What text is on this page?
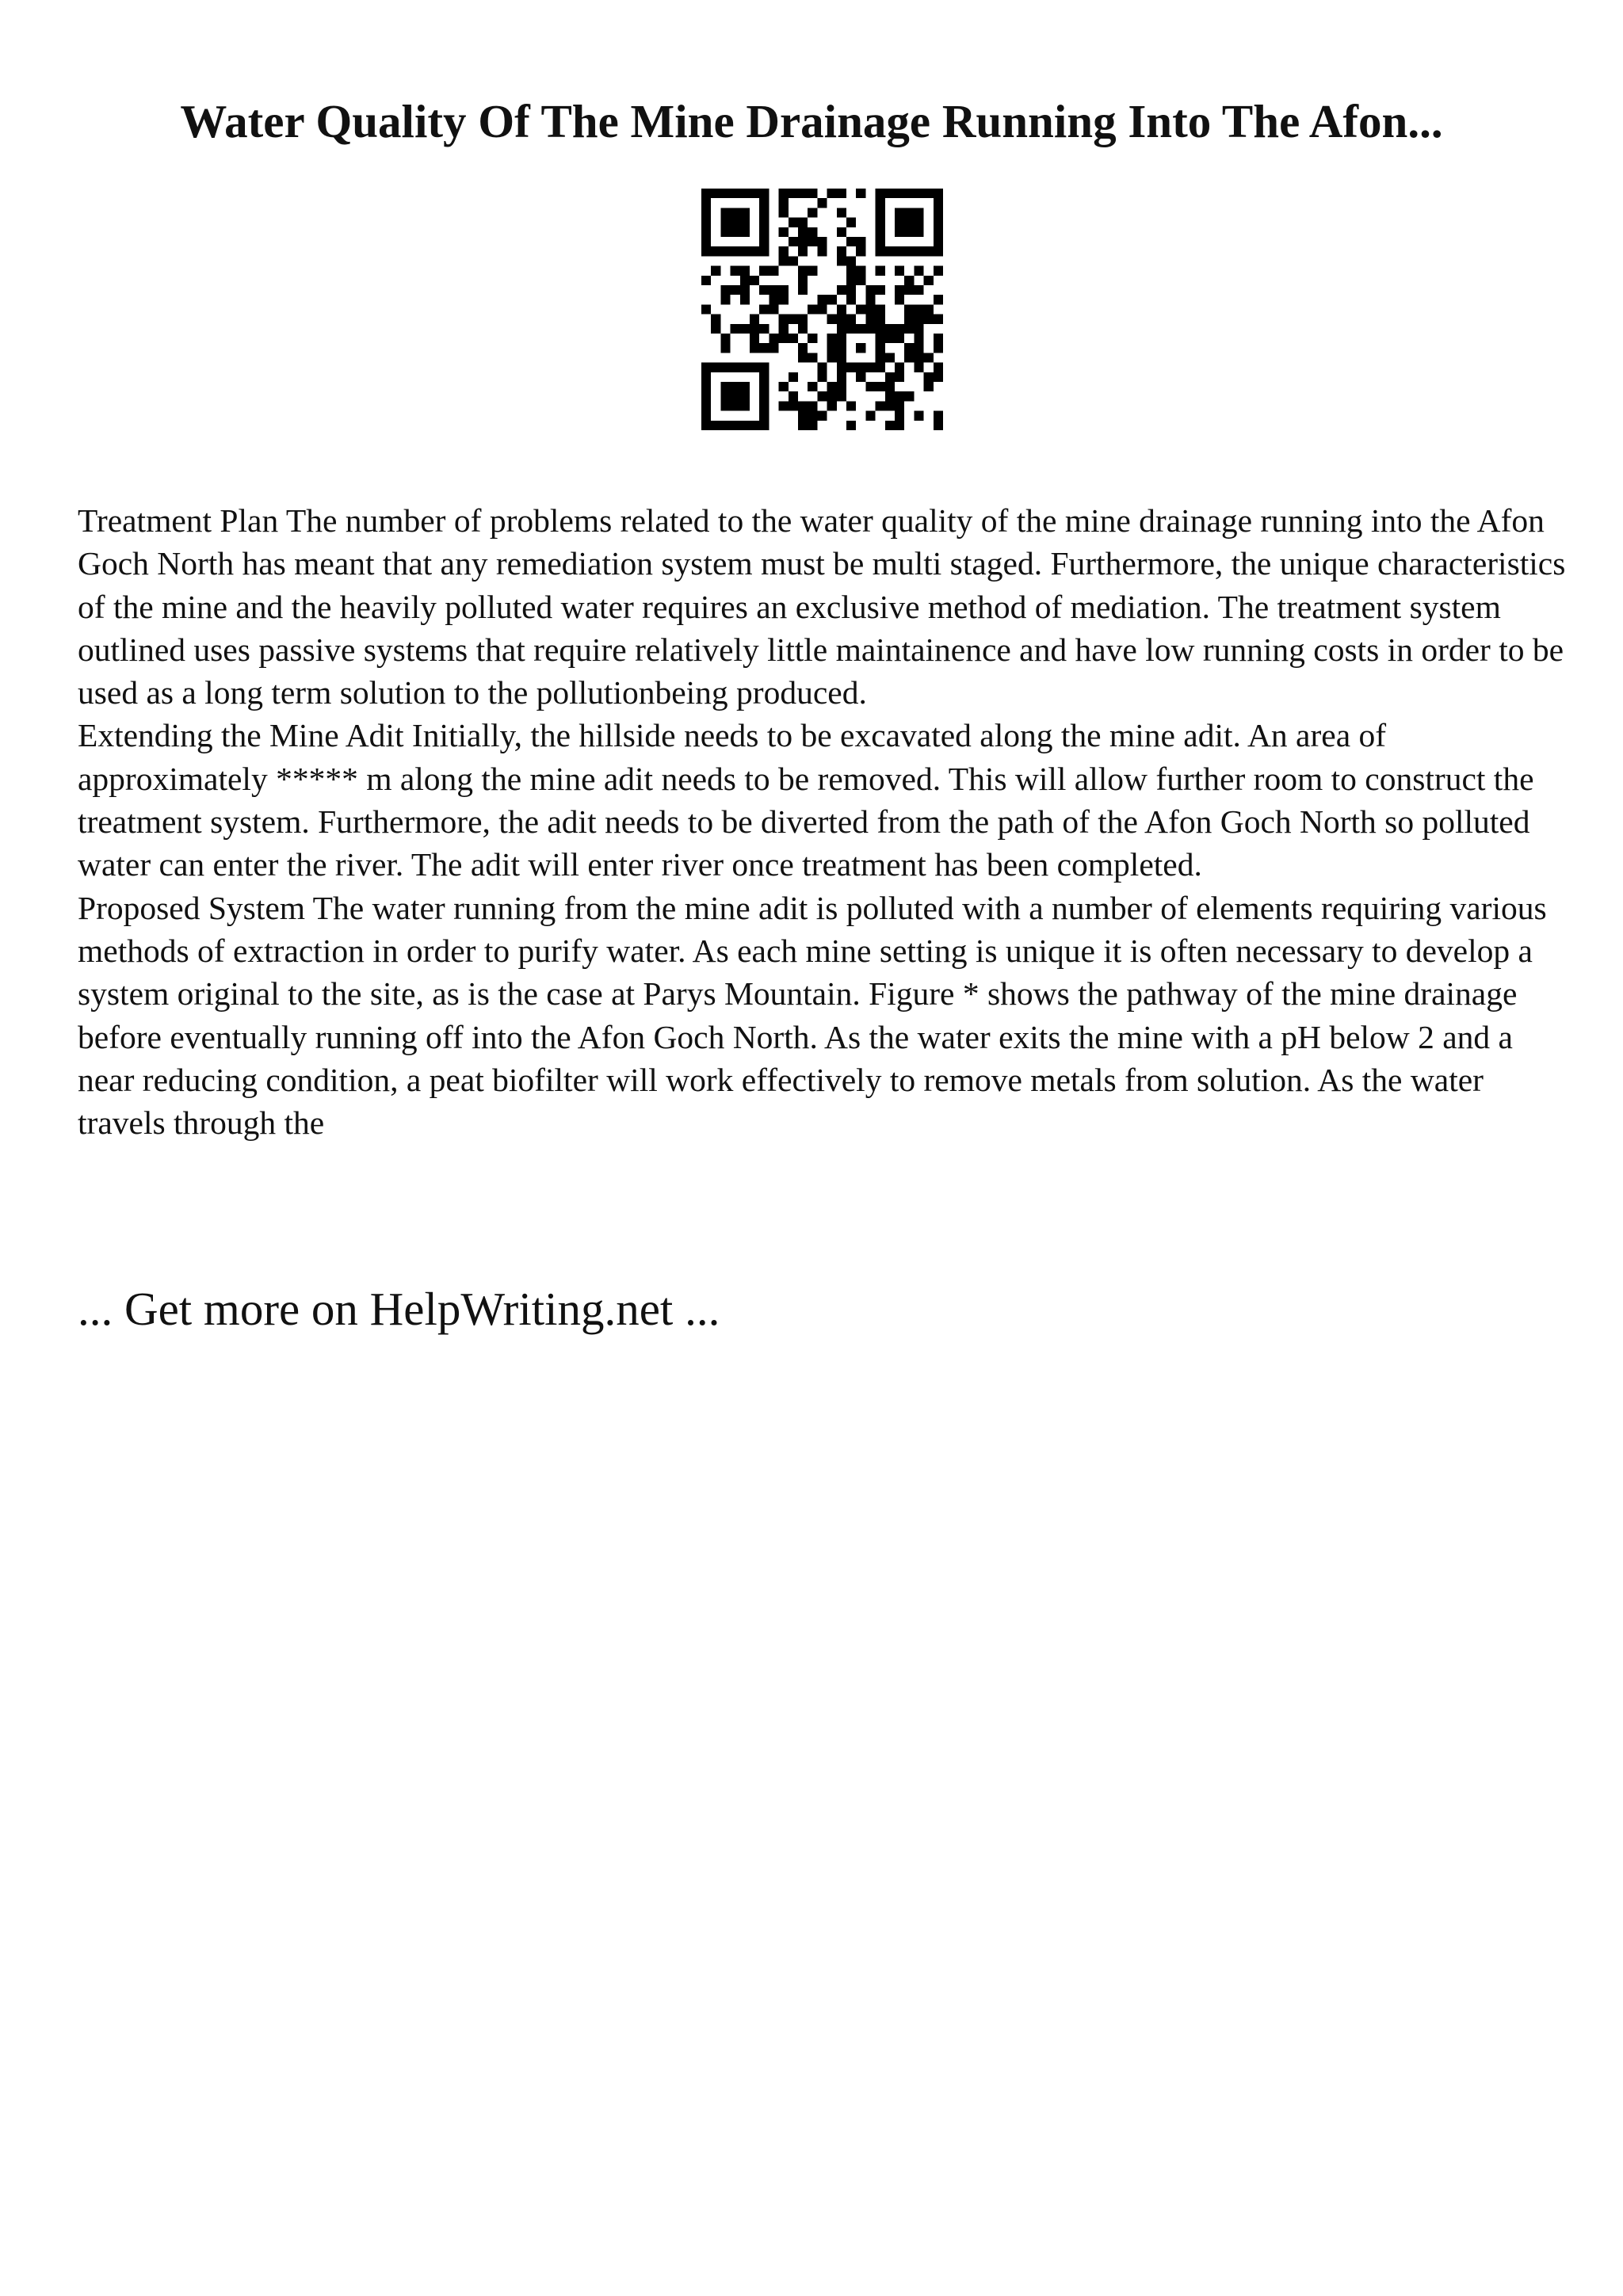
Water Quality Of The Mine Drainage Running Into The Afon...

Treatment Plan The number of problems related to the water quality of the mine drainage running into the Afon Goch North has meant that any remediation system must be multi staged. Furthermore, the unique characteristics of the mine and the heavily polluted water requires an exclusive method of mediation. The treatment system outlined uses passive systems that require relatively little maintainence and have low running costs in order to be used as a long term solution to the pollutionbeing produced.

Extending the Mine Adit Initially, the hillside needs to be excavated along the mine adit. An area of approximately ***** m along the mine adit needs to be removed. This will allow further room to construct the treatment system. Furthermore, the adit needs to be diverted from the path of the Afon Goch North so polluted water can enter the river. The adit will enter river once treatment has been completed.

Proposed System The water running from the mine adit is polluted with a number of elements requiring various methods of extraction in order to purify water. As each mine setting is unique it is often necessary to develop a system original to the site, as is the case at Parys Mountain. Figure * shows the pathway of the mine drainage before eventually running off into the Afon Goch North. As the water exits the mine with a pH below 2 and a near reducing condition, a peat biofilter will work effectively to remove metals from solution. As the water travels through the

... Get more on HelpWriting.net ...
